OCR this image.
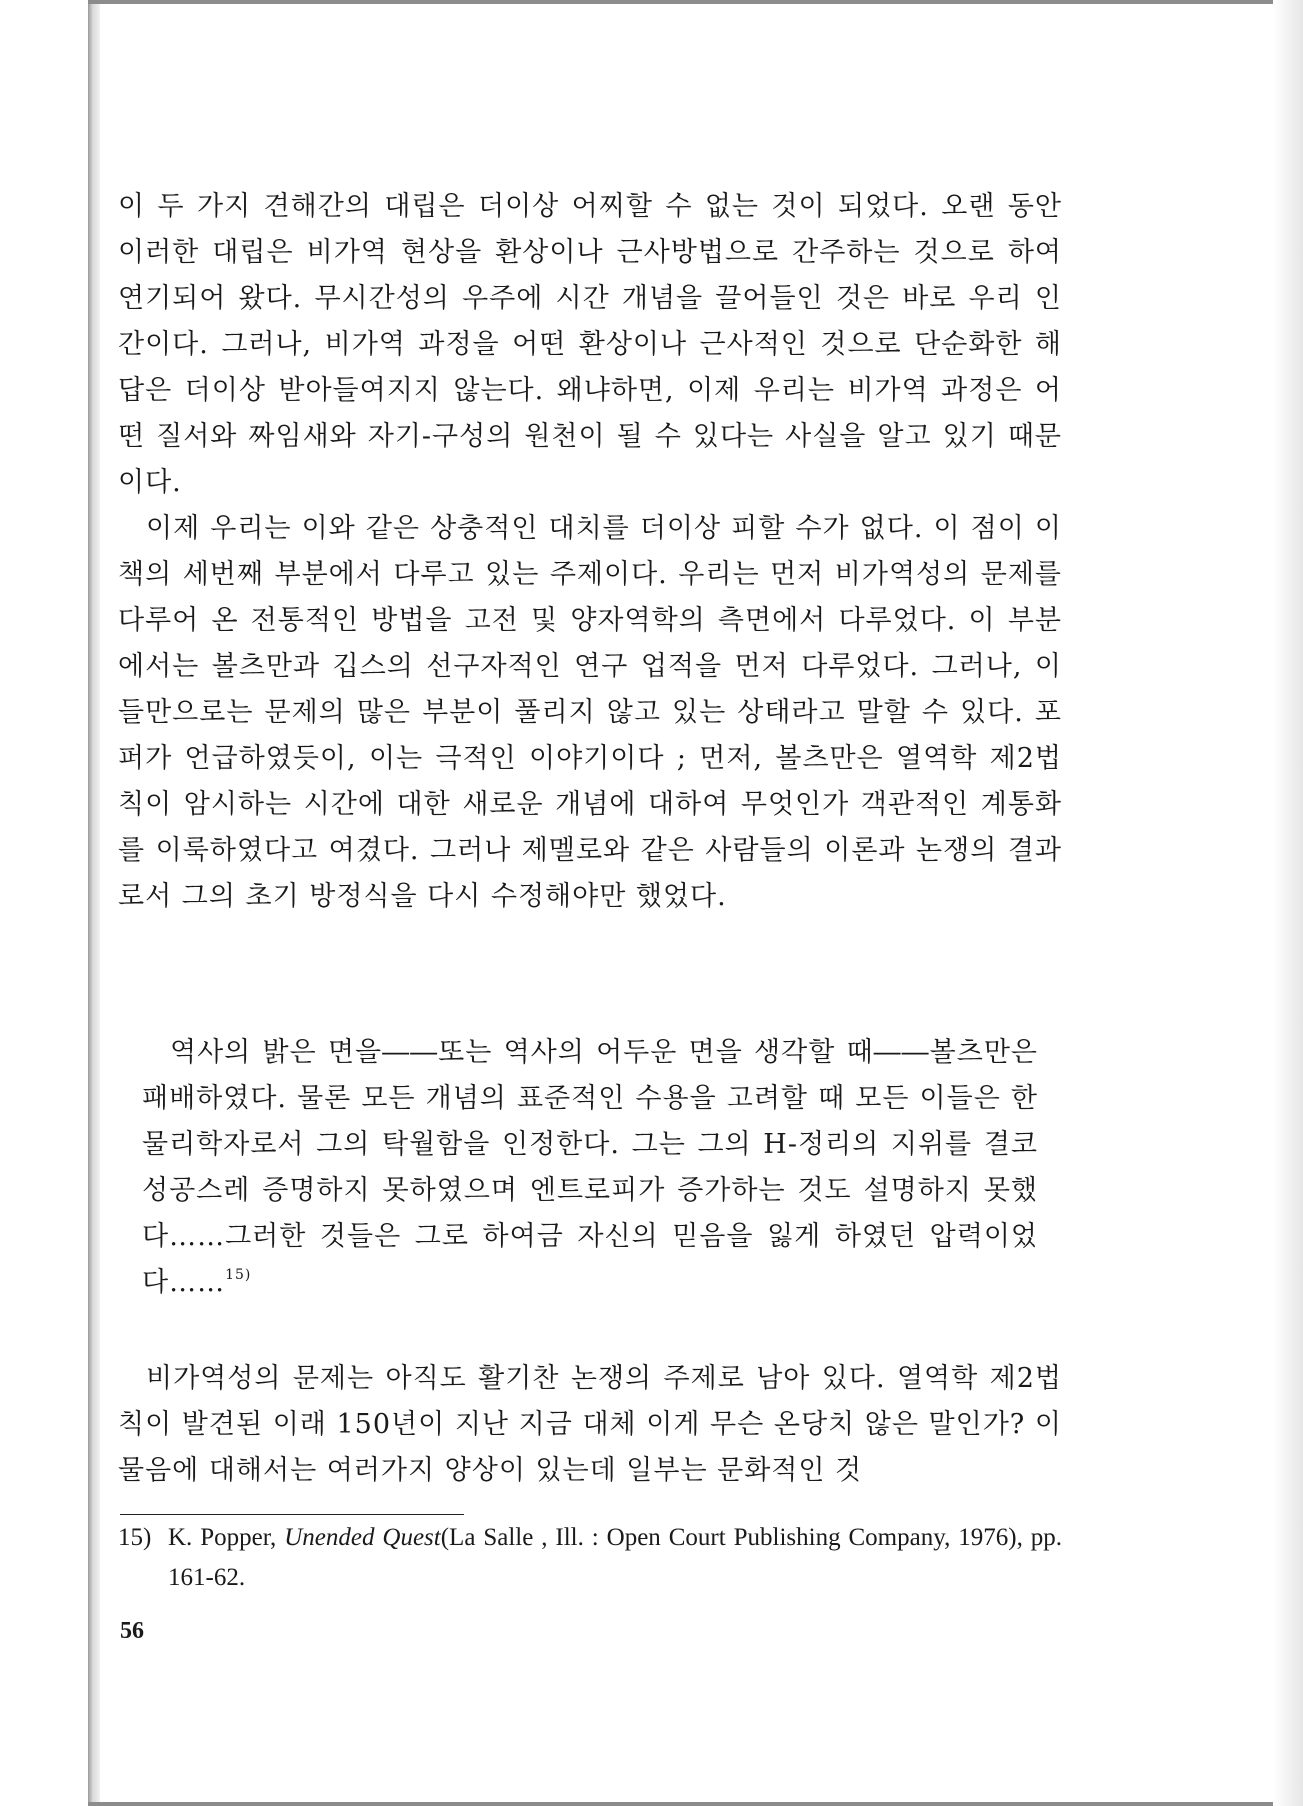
이 두 가지 견해간의 대립은 더이상 어찌할 수 없는 것이 되었다. 오랜 동안 이러한 대립은 비가역 현상을 환상이나 근사방법으로 간주하는 것으로 하여 연기되어 왔다. 무시간성의 우주에 시간 개념을 끌어들인 것은 바로 우리 인간이다. 그러나, 비가역 과정을 어떤 환상이나 근사적인 것으로 단순화한 해답은 더이상 받아들여지지 않는다. 왜냐하면, 이제 우리는 비가역 과정은 어떤 질서와 짜임새와 자기-구성의 원천이 될 수 있다는 사실을 알고 있기 때문이다.

이제 우리는 이와 같은 상충적인 대치를 더이상 피할 수가 없다. 이 점이 이 책의 세번째 부분에서 다루고 있는 주제이다. 우리는 먼저 비가역성의 문제를 다루어 온 전통적인 방법을 고전 및 양자역학의 측면에서 다루었다. 이 부분에서는 볼츠만과 깁스의 선구자적인 연구 업적을 먼저 다루었다. 그러나, 이들만으로는 문제의 많은 부분이 풀리지 않고 있는 상태라고 말할 수 있다. 포퍼가 언급하였듯이, 이는 극적인 이야기이다 ; 먼저, 볼츠만은 열역학 제2법칙이 암시하는 시간에 대한 새로운 개념에 대하여 무엇인가 객관적인 계통화를 이룩하였다고 여겼다. 그러나 제멜로와 같은 사람들의 이론과 논쟁의 결과로서 그의 초기 방정식을 다시 수정해야만 했었다.

역사의 밝은 면을――또는 역사의 어두운 면을 생각할 때――볼츠만은 패배하였다. 물론 모든 개념의 표준적인 수용을 고려할 때 모든 이들은 한 물리학자로서 그의 탁월함을 인정한다. 그는 그의 H-정리의 지위를 결코 성공스레 증명하지 못하였으며 엔트로피가 증가하는 것도 설명하지 못했다……그러한 것들은 그로 하여금 자신의 믿음을 잃게 하였던 압력이었다……$^{15)}$

비가역성의 문제는 아직도 활기찬 논쟁의 주제로 남아 있다. 열역학 제2법칙이 발견된 이래 150년이 지난 지금 대체 이게 무슨 온당치 않은 말인가? 이 물음에 대해서는 여러가지 양상이 있는데 일부는 문화적인 것

15) K. Popper, Unended Quest(La Salle , Ill. : Open Court Publishing Company, 1976), pp. 161-62.
56
